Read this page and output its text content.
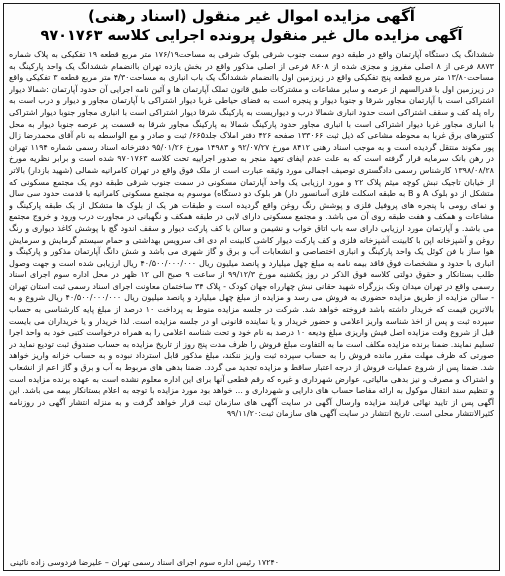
آگهی مزایده اموال غیر منقول (اسناد رهنی)
آگهی مزایده مال غیر منقول پرونده اجرایی کلاسه ۹۷۰۱۷۶۳
ششدانگ یک دستگاه آپارتمان واقع در طبقه دوم سمت جنوب شرقی بلوک شرقی به مساحت۱۷۶/۱۹ متر مربع قطعه ۱۹ تفکیکی به پلاک شماره ۸۸۷۳ فرعی از ۸ اصلی مفروز و مجزی شده از ۸۶۰۸ فرعی از اصلی مذکور واقع در بخش یازده تهران باانضمام ششدانگ یک واحد پارکینگ به مساحت۱۳/۸۰ متر مربع قطعه پنج تفکیکی واقع در زیرزمین اول باانضمام ششدانگ یک باب انباری به مساحت۴/۳۰ متر مربع قطعه ۳ تفکیکی واقع در زیرزمین اول با قدرالسهم از عرصه و سایر مشاعات و مشترکات طبق قانون تملک آپارتمان ها و آئین نامه اجرایی آن حدود آپارتمان :شمالا دیوار اشتراکی است با آپارتمان مجاور شرقا و جنوبا دیوار و پنجره است به فضای حیاطی غربا دیوار اشتراکی با آپارتمان مجاور و دیوار و درب است به راه پله کف و سقف اشتراکی است حدود انباری شمالا درب و دیواریست به پارکینگ شرقا دیوار اشتراکی است با انباری مجاور جنوبا دیوار اشتراکی با انباری مجاور غربا دیوار اشتراکی است با انباری مجاور حدود پارکینگ شمالا به پارکینگ مجاور شرقا به قسمت پر عرصه جنوبا دیوار به محل کنتورهای برق غربا به محوطه مشاعی که ذیل ثبت ۱۳۳۰۶۶ صفحه ۴۲۶ دفتر املاک جلد۶۶۵/ ثبت و صادر و مع الواسطه به نام آقای محمدرضا زال پور مکوند منتقل گردیده است و به موجب اسناد رهنی ۸۴۱۲ مورخ ۹۲/۰۷/۲۷ و ۱۴۹۸۳ مورخ ۹۵/۰۱/۲۶ دفترخانه اسناد رسمی شماره ۱۱۹۴ تهران در رهن بانک سرمایه قرار گرفته است که به علت عدم ایفای تعهد منجر به صدور اجراییه تحت کلاسه ۹۷۰۱۷۶۳ شده است و برابر نظریه مورخ ۱۳۹۸/۰۸/۲۸ کارشناس رسمی دادگستری توصیف اجمالی مورد وثیقه عبارت است از ملک فوق واقع در تهران کامرانیه شمالی (شهید بازدار) بالاتر از خیابان تاجیک نبش کوچه میثم پلاک ۲۲ و مورد ارزیابی یک واحد آپارتمان مسکونی در سمت جنوب شرقی طبقه دوم یک مجتمع مسکونی که متشکل از دو بلوک A و B به طبقه اسکلت فلزی آسانسور دار) هر بلوک دو دستگاه) موسوم به مجتمع مسکونی کامرانیه با قدمت حدود سی سال و نمای رومی با پنجره های پروفیل فلزی و پوشش رنگ روغن واقع گردیده است و طبقات هر یک از بلوک ها متشکل از یک طبقه پارکینگ و مشاعات و همکف و هفت طبقه روی آن می باشد. و مجتمع مسکونی دارای لابی در طبقه همکف و نگهبانی در مجاورت درب ورود و خروج مجتمع می باشد. و آپارتمان مورد ارزیابی دارای سه باب اتاق خواب و نشیمن و سالن با کف پارکت دیوار و سقف اندود گچ با پوشش کاغذ دیواری و رنگ روغن و آشپزخانه اپن با کابینت آشپزخانه فلزی و کف پارکت دیوار کاشی کابینت ام دی اف سرویس بهداشتی و حمام سیستم گرمایش و سرمایش هوا ساز با فن کوئل یک واحد پارکینگ و انباری اختصاصی و انشعابات آب و برق و گاز شهری می باشد و شش دانگ آپارتمان مذکور و پارکینگ و انباری با حدود و مشخصات فوق فاقد بیمه نامه به مبلغ چهل میلیارد و پانصد میلیون ریال ۴۰/۵۰۰/۰۰۰/۰۰۰ ریال ارزیابی شده است و جهت وصول طلب بستانکار و حقوق دولتی کلاسه فوق الذکر در روز یکشنبه مورخ ۹۹/۱۲/۳ از ساعت ۹ صبح الی ۱۲ ظهر در محل اداره سوم اجرای اسناد رسمی واقع در تهران میدان ونک بزرگراه شهید حقانی نبش چهارراه جهان کودک - پلاک ۳۴ ساختمان معاونت اجرای اسناد رسمی ثبت استان تهران - سالن مزایده از طریق مزایده حضوری به فروش می رسد و مزایده از مبلغ چهل میلیارد و پانصد میلیون ریال ۴۰/۵۰۰/۰۰۰/۰۰۰ ریال شروع و به بالاترین قیمت که خریدار داشته باشد فروخته خواهد شد. شرکت در جلسه مزایده منوط به پرداخت ۱۰ درصد از مبلغ پایه کارشناسی به حساب سپرده ثبت و پس از اخذ شناسه واریز اعلامی و حضور خریدار و یا نماینده قانونی او در جلسه مزایده است. لذا خریدار و یا خریداران می بایست قبل از شروع وقت مزایده اصل فیش واریزی مبلغ ودیعه ۱۰ درصد به نام خود و تحت شناسه اعلامی را به همراه درخواست کتبی خود به واحد اجرا تسلیم نمایند. ضمنا برنده مزایده مکلف است ما به التفاوت مبلغ فروش را ظرف مدت پنج روز از تاریخ مزایده به حساب صندوق ثبت تودیع نماید در صورتی که ظرف مهلت مقرر مانده فروش را به حساب سپرده ثبت واریز ننکند، مبلغ مذکور قابل استرداد نبوده و به حساب خزانه واریز خواهد شد. ضمنا پس از شروع عملیات فروش از درجه اعتبار ساقط و مزایده تجدید می گردد. ضمنا بدهی های مربوط به آب و برق و گاز اعم از انشعاب و اشتراک و مصرف و نیز بدهی مالیاتی، عوارض شهرداری و غیره که رقم قطعی آنها برای این اداره معلوم نشده است به عهده برنده مزایده است و تنظیم سند انتقال موکول به ارائه مفاصا حساب های دارایی و شهرداری و ... خواهد بود مورد مزایده با توجه به اعلام بستانکار بیمه می باشد. این آگهی پس از تایید نهائی فرایند مزایده وارسال آگهی در سایت آگهی های سازمان ثبت قرار خواهد گرفت و به منزله انتشار آگهی در روزنامه کثیرالانتشار محلی است. تاریخ انتشار در سایت آگهی های سازمان ثبت:۹۹/۱۱/۲۰
۱۷۲۴۰ رئیس اداره سوم اجرای اسناد رسمی تهران – علیرضا فردوسی زاده نائینی
